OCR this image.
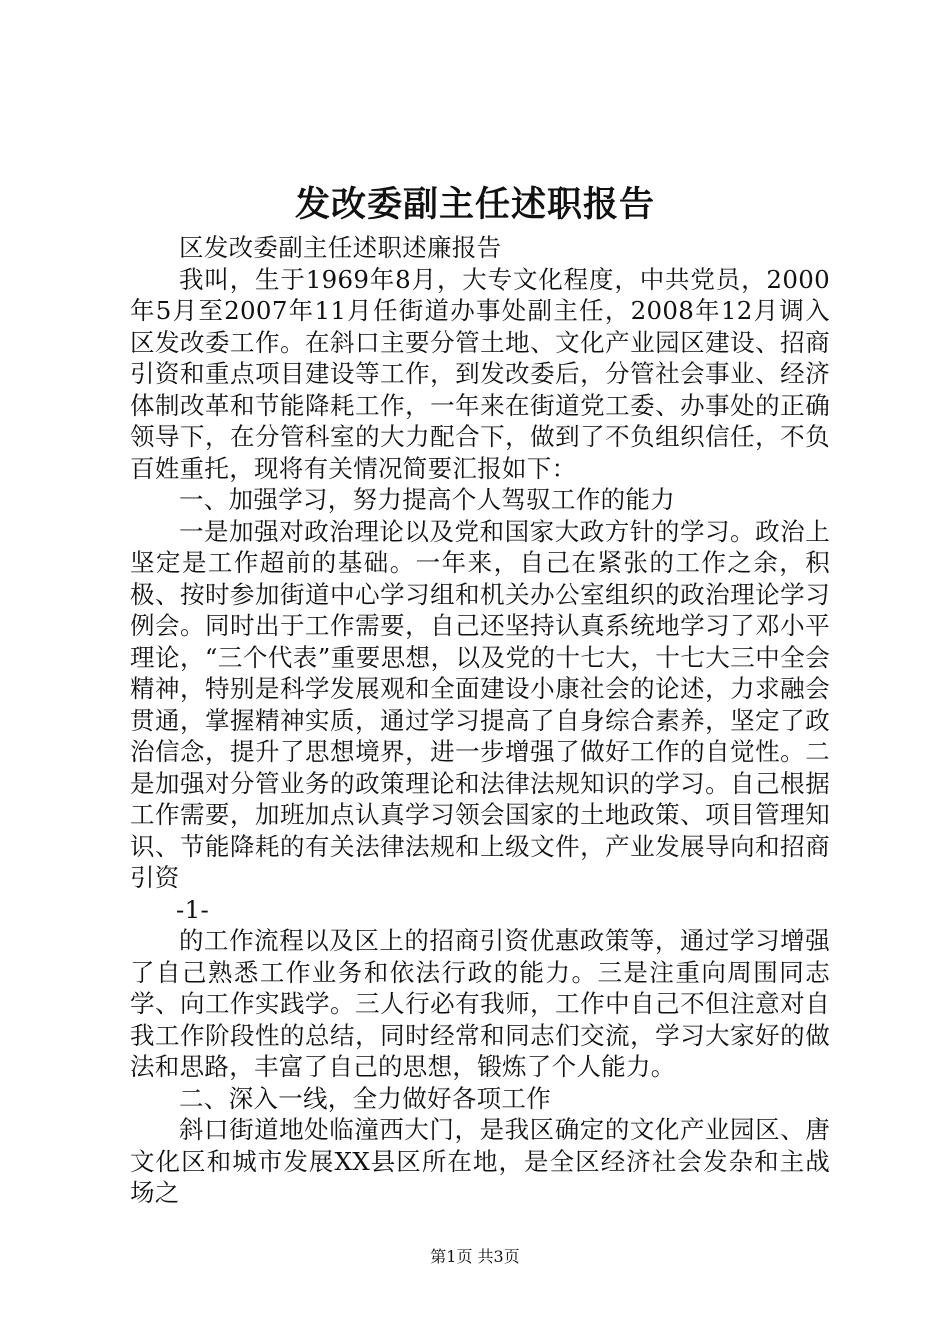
发改委副主任述职报告

区发改委副主任述职述廉报告

我叫，生于1969年8月，大专文化程度，中共党员，2000年5月至2007年11月任街道办事处副主任，2008年12月调入区发改委工作。在斜口主要分管土地、文化产业园区建设、招商引资和重点项目建设等工作，到发改委后，分管社会事业、经济体制改革和节能降耗工作，一年来在街道党工委、办事处的正确领导下，在分管科室的大力配合下，做到了不负组织信任，不负百姓重托，现将有关情况简要汇报如下：

一、加强学习，努力提高个人驾驭工作的能力

一是加强对政治理论以及党和国家大政方针的学习。政治上坚定是工作超前的基础。一年来，自己在紧张的工作之余，积极、按时参加街道中心学习组和机关办公室组织的政治理论学习例会。同时出于工作需要，自己还坚持认真系统地学习了邓小平理论，“三个代表”重要思想，以及党的十七大，十七大三中全会精神，特别是科学发展观和全面建设小康社会的论述，力求融会贯通，掌握精神实质，通过学习提高了自身综合素养，坚定了政治信念，提升了思想境界，进一步增强了做好工作的自觉性。二是加强对分管业务的政策理论和法律法规知识的学习。自己根据工作需要，加班加点认真学习领会国家的土地政策、项目管理知识、节能降耗的有关法律法规和上级文件，产业发展导向和招商引资

-1-

的工作流程以及区上的招商引资优惠政策等，通过学习增强了自己熟悉工作业务和依法行政的能力。三是注重向周围同志学、向工作实践学。三人行必有我师，工作中自己不但注意对自我工作阶段性的总结，同时经常和同志们交流，学习大家好的做法和思路，丰富了自己的思想，锻炼了个人能力。

二、深入一线，全力做好各项工作

斜口街道地处临潼西大门，是我区确定的文化产业园区、唐文化区和城市发展XX县区所在地，是全区经济社会发杂和主战场之

第1页 共3页
